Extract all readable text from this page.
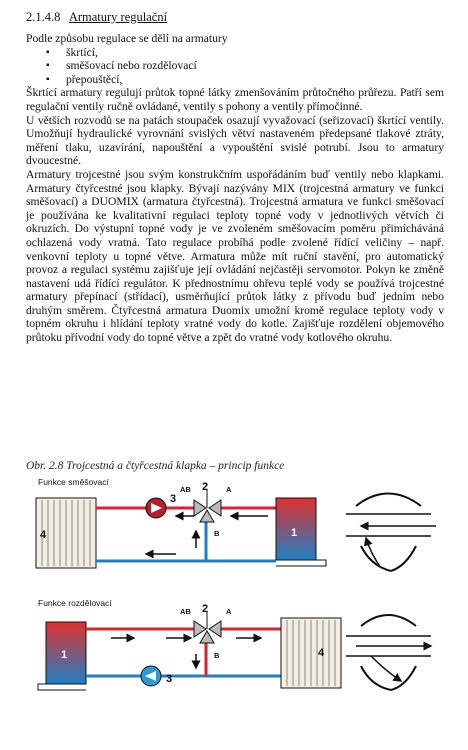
2.1.4.8 Armatury regulační

Podle způsobu regulace se dělí na armatury

▪ škrtící,
▪ směšovací nebo rozdělovací
▪ přepouštěcí,

Škrtící armatury regulují průtok topné látky zmenšováním průtočného průřezu. Patří sem regulační ventily ručně ovládané, ventily s pohony a ventily přímočinné.

U větších rozvodů se na patách stoupaček osazují vyvažovací (seřizovací) škrtící ventily. Umožňují hydraulické vyrovnání svislých větví nastaveném předepsané tlakové ztráty, měření tlaku, uzavírání, napouštění a vypouštění svislé potrubí. Jsou to armatury dvoucestné.

Armatury trojcestné jsou svým konstrukčním uspořádáním buď ventily nebo klapkami. Armatury čtyřcestné jsou klapky. Bývají nazývány MIX (trojcestná armatury ve funkci směšovací) a DUOMIX (armatura čtyřcestná). Trojcestná armatura ve funkci směšovací je používána ke kvalitativní regulaci teploty topné vody v jednotlivých větvích či okruzích. Do výstupní topné vody je ve zvoleném směšovacím poměru přimícháváná ochlazená vody vratná. Tato regulace probíhá podle zvolené řídící veličiny – např. venkovní teploty u topné větve. Armatura může mít ruční stavění, pro automatický provoz a regulaci systému zajišťuje její ovládání nejčastěji servomotor. Pokyn ke změně nastavení udá řídící regulátor. K přednostnímu ohřevu teplé vody se používá trojcestné armatury přepínací (střídací), usměrňující průtok látky z přívodu buď jedním nebo druhým směrem. Čtyřcestná armatura Duomix umožní kromě regulace teploty vody v topném okruhu i hlídání teploty vratné vody do kotle. Zajišťuje rozdělení objemového průtoku přívodní vody do topné větve a zpět do vratné vody kotlového okruhu.

Obr. 2.8 Trojcestná a čtyřcestná klapka – princip funkce
Funkce směšovací
4
3
2
AB	A
B	1
Funkce rozdělovací
1
3
2
AB	A
B	4
